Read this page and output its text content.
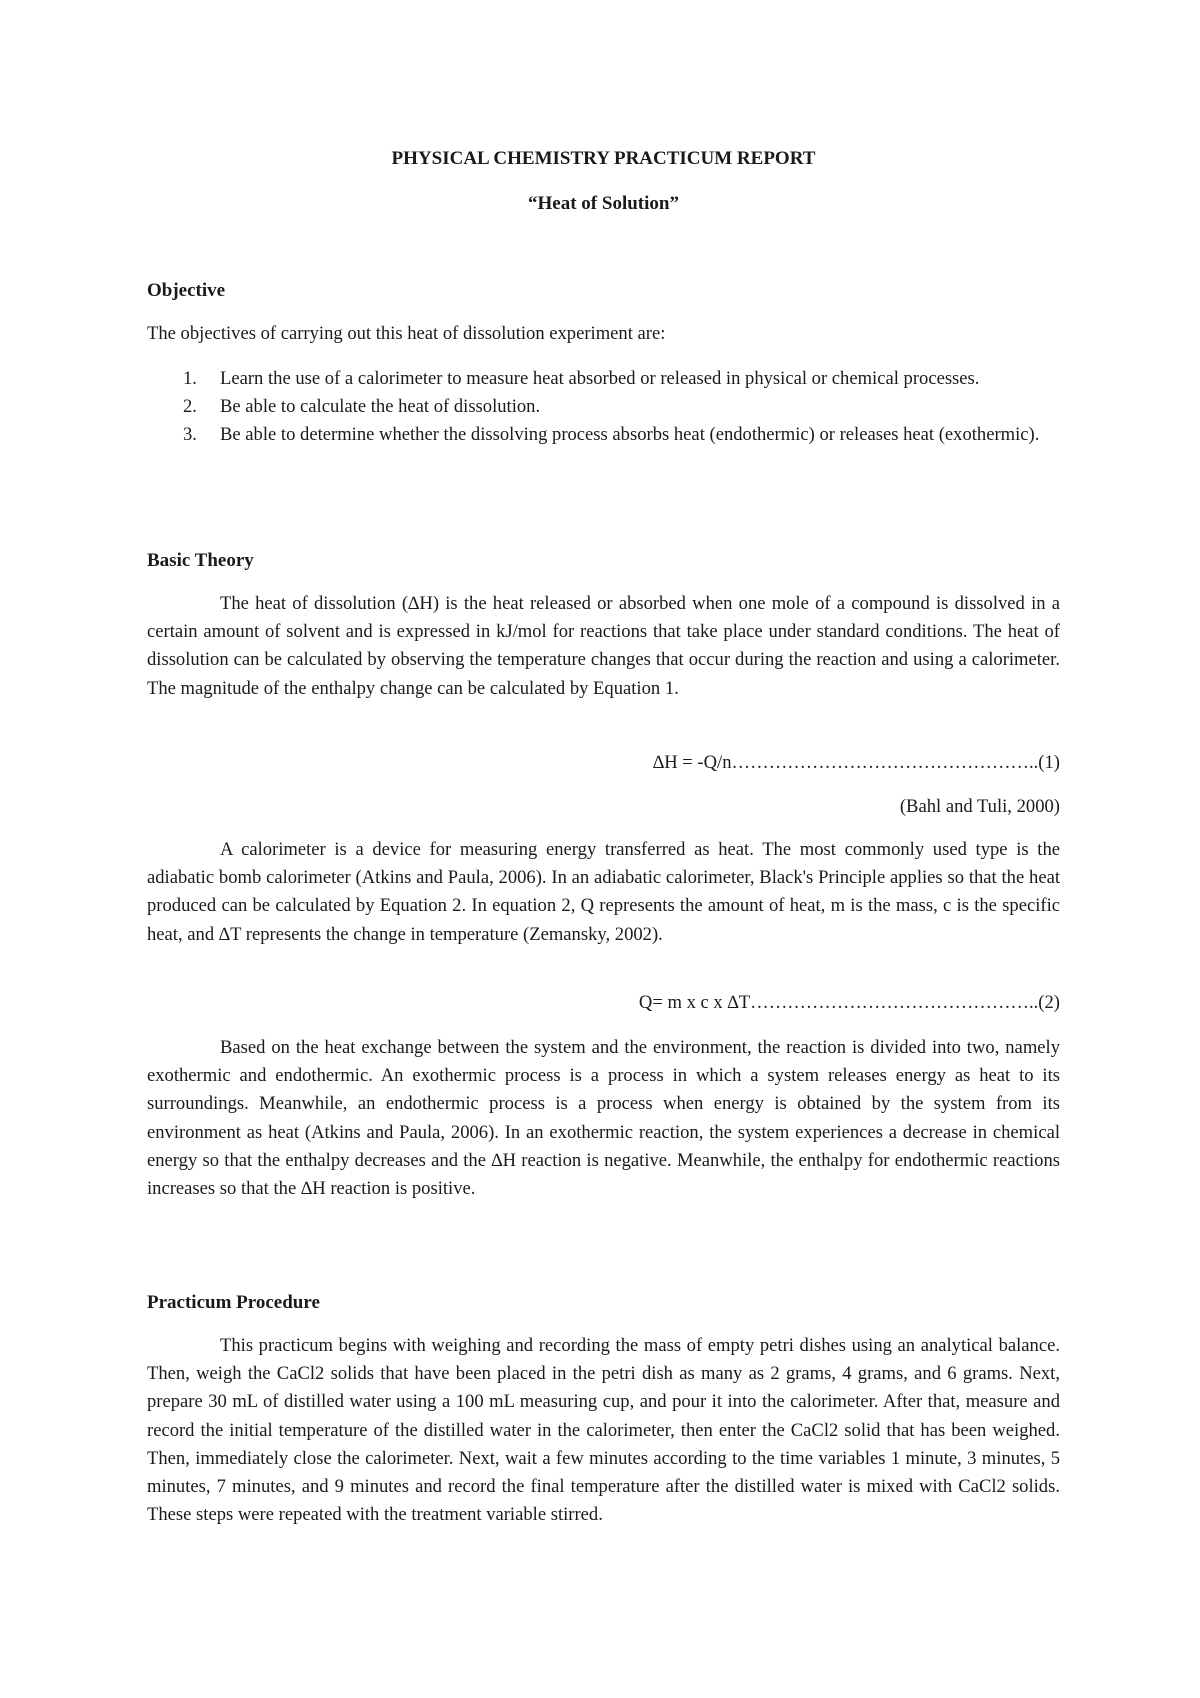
PHYSICAL CHEMISTRY PRACTICUM REPORT
“Heat of Solution”
Objective
The objectives of carrying out this heat of dissolution experiment are:
1. Learn the use of a calorimeter to measure heat absorbed or released in physical or chemical processes.
2. Be able to calculate the heat of dissolution.
3. Be able to determine whether the dissolving process absorbs heat (endothermic) or releases heat (exothermic).
Basic Theory
The heat of dissolution (∆H) is the heat released or absorbed when one mole of a compound is dissolved in a certain amount of solvent and is expressed in kJ/mol for reactions that take place under standard conditions. The heat of dissolution can be calculated by observing the temperature changes that occur during the reaction and using a calorimeter. The magnitude of the enthalpy change can be calculated by Equation 1.
∆H = -Q/n…………………………………………..(1)
(Bahl and Tuli, 2000)
A calorimeter is a device for measuring energy transferred as heat. The most commonly used type is the adiabatic bomb calorimeter (Atkins and Paula, 2006). In an adiabatic calorimeter, Black's Principle applies so that the heat produced can be calculated by Equation 2. In equation 2, Q represents the amount of heat, m is the mass, c is the specific heat, and ∆T represents the change in temperature (Zemansky, 2002).
Q= m x c x ∆T………………………………………..(2)
Based on the heat exchange between the system and the environment, the reaction is divided into two, namely exothermic and endothermic. An exothermic process is a process in which a system releases energy as heat to its surroundings. Meanwhile, an endothermic process is a process when energy is obtained by the system from its environment as heat (Atkins and Paula, 2006). In an exothermic reaction, the system experiences a decrease in chemical energy so that the enthalpy decreases and the ∆H reaction is negative. Meanwhile, the enthalpy for endothermic reactions increases so that the ∆H reaction is positive.
Practicum Procedure
This practicum begins with weighing and recording the mass of empty petri dishes using an analytical balance. Then, weigh the CaCl2 solids that have been placed in the petri dish as many as 2 grams, 4 grams, and 6 grams. Next, prepare 30 mL of distilled water using a 100 mL measuring cup, and pour it into the calorimeter. After that, measure and record the initial temperature of the distilled water in the calorimeter, then enter the CaCl2 solid that has been weighed. Then, immediately close the calorimeter. Next, wait a few minutes according to the time variables 1 minute, 3 minutes, 5 minutes, 7 minutes, and 9 minutes and record the final temperature after the distilled water is mixed with CaCl2 solids. These steps were repeated with the treatment variable stirred.
